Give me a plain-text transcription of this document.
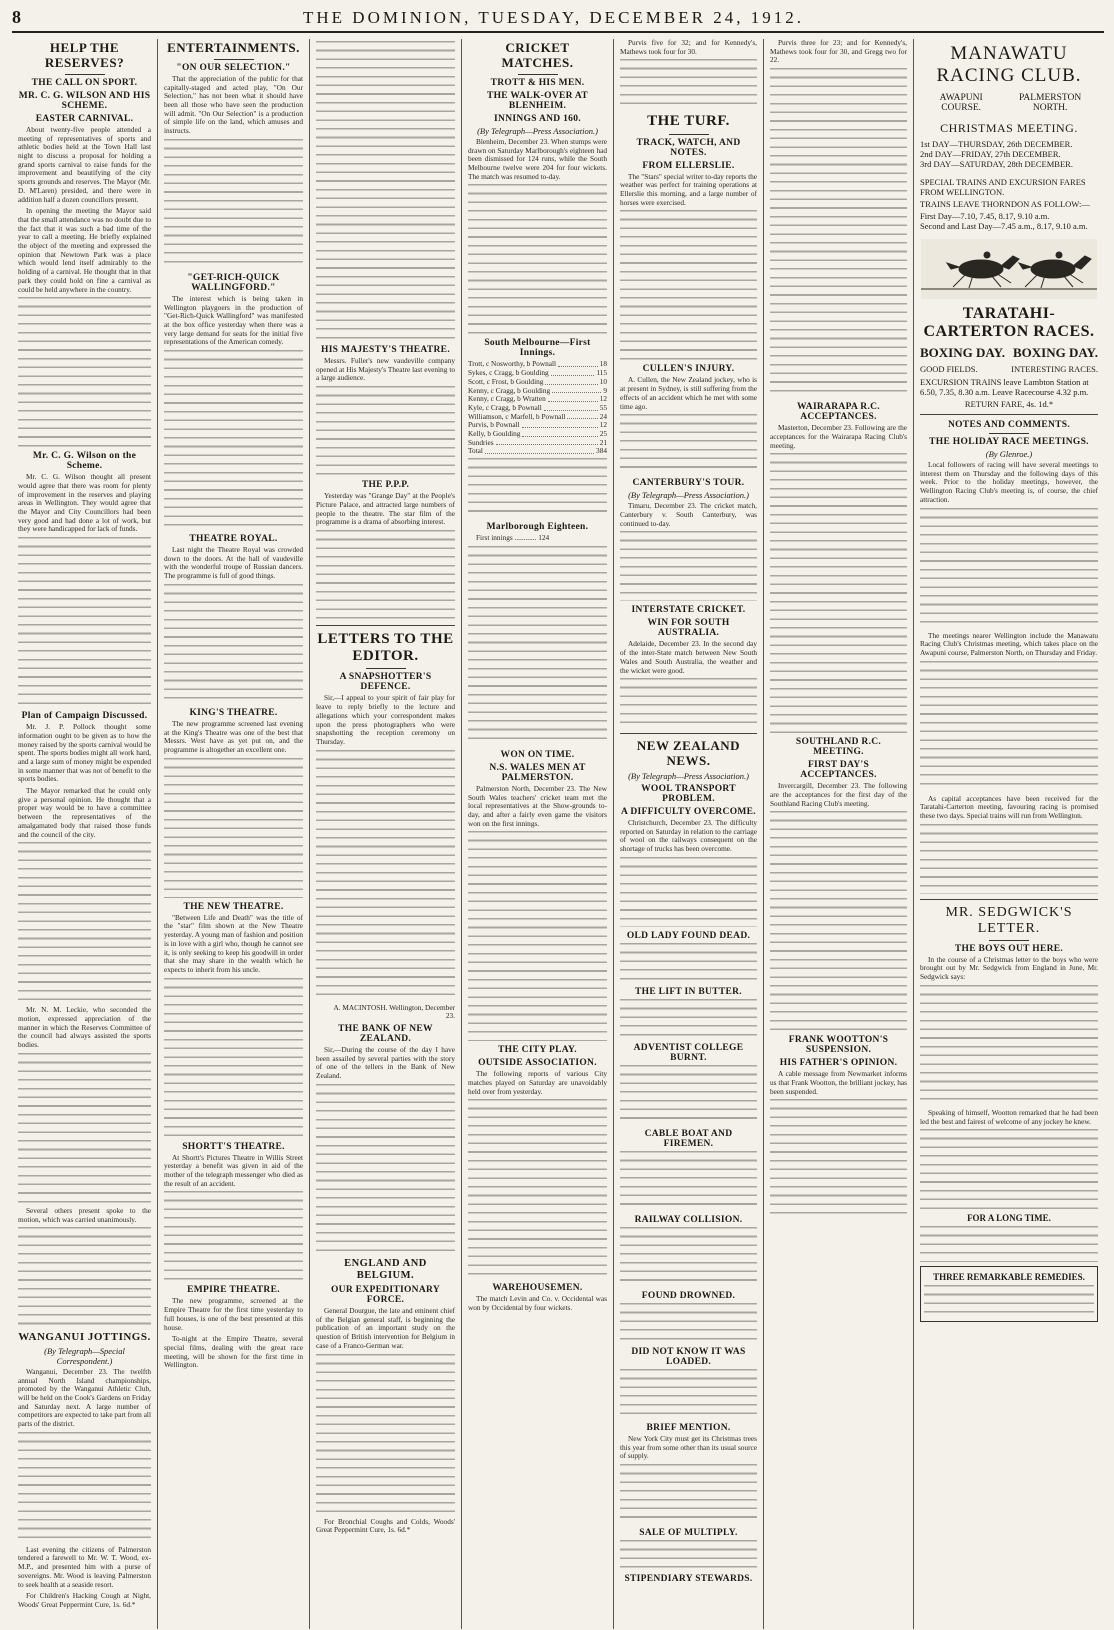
8	THE DOMINION, TUESDAY, DECEMBER 24, 1912.
HELP THE RESERVES?
THE CALL ON SPORT.
MR. C. G. WILSON AND HIS SCHEME.
EASTER CARNIVAL.

About twenty-five people attended a meeting of representatives of sports and athletic bodies held at the Town Hall last night to discuss a proposal for holding a grand sports carnival to raise funds for the improvement and beautifying of the city sports grounds and reserves. The Mayor (Mr. D. M'Laren) presided, and there were in addition half a dozen councillors present.

In opening the meeting the Mayor said that the small attendance was no doubt due to the fact that it was such a bad time of the year to call a meeting. He briefly explained the object of the meeting and expressed the opinion that Newtown Park was a place which would lend itself admirably to the holding of a carnival. He thought that in that park they could hold on fine a carnival as could be held anywhere in the country.

Mr. C. G. Wilson on the Scheme.

Mr. C. G. Wilson thought all present would agree that there was room for plenty of improvement in the reserves and playing areas in Wellington. They would agree that the Mayor and City Councillors had been very good and had done a lot of work, but they were handicapped for lack of funds.

Plan of Campaign Discussed.

Mr. J. P. Pollock thought some information ought to be given as to how the money raised by the sports carnival would be spent. The sports bodies might all work hard, and a large sum of money might be expended in some manner that was not of benefit to the sports bodies.

The Mayor remarked that he could only give a personal opinion. He thought that a proper way would be to have a committee between the representatives of the amalgamated body that raised those funds and the council of the city.

Mr. N. M. Leckie, who seconded the motion, expressed appreciation of the manner in which the Reserves Committee of the council had always assisted the sports bodies.

Several others present spoke to the motion, which was carried unanimously.

WANGANUI JOTTINGS.
(By Telegraph—Special Correspondent.)

Wanganui, December 23. The twelfth annual North Island championships, promoted by the Wanganui Athletic Club, will be held on the Cook's Gardens on Friday and Saturday next. A large number of competitors are expected to take part from all parts of the district.

Last evening the citizens of Palmerston tendered a farewell to Mr. W. T. Wood, ex-M.P., and presented him with a purse of sovereigns. Mr. Wood is leaving Palmerston to seek health at a seaside resort.

For Children's Hacking Cough at Night, Woods' Great Peppermint Cure, 1s. 6d.*

ENTERTAINMENTS.
"ON OUR SELECTION."

That the appreciation of the public for that capitally-staged and acted play, "On Our Selection," has not been what it should have been all those who have seen the production will admit. "On Our Selection" is a production of simple life on the land, which amuses and instructs.

"GET-RICH-QUICK WALLINGFORD."

The interest which is being taken in Wellington playgoers in the production of "Get-Rich-Quick Wallingford" was manifested at the box office yesterday when there was a very large demand for seats for the initial five representations of the American comedy.

THEATRE ROYAL.

Last night the Theatre Royal was crowded down to the doors. At the hall of vaudeville with the wonderful troupe of Russian dancers. The programme is full of good things.

KING'S THEATRE.

The new programme screened last evening at the King's Theatre was one of the best that Messrs. West have as yet put on, and the programme is altogether an excellent one.

THE NEW THEATRE.

"Between Life and Death" was the title of the "star" film shown at the New Theatre yesterday. A young man of fashion and position is in love with a girl who, though he cannot see it, is only seeking to keep his goodwill in order that she may share in the wealth which he expects to inherit from his uncle.

SHORTT'S THEATRE.

At Shortt's Pictures Theatre in Willis Street yesterday a benefit was given in aid of the mother of the telegraph messenger who died as the result of an accident.

EMPIRE THEATRE.

The new programme, screened at the Empire Theatre for the first time yesterday to full houses, is one of the best presented at this house.

To-night at the Empire Theatre, several special films, dealing with the great race meeting, will be shown for the first time in Wellington.

HIS MAJESTY'S THEATRE.

Messrs. Fuller's new vaudeville company opened at His Majesty's Theatre last evening to a large audience.

THE P.P.P.

Yesterday was "Grange Day" at the People's Picture Palace, and attracted large numbers of people to the theatre. The star film of the programme is a drama of absorbing interest.

LETTERS TO THE EDITOR.
A SNAPSHOTTER'S DEFENCE.

Sir,—I appeal to your spirit of fair play for leave to reply briefly to the lecture and allegations which your correspondent makes upon the press photographers who were snapshotting the reception ceremony on Thursday.

A. MACINTOSH. Wellington, December 23.

THE BANK OF NEW ZEALAND.

Sir,—During the course of the day I have been assailed by several parties with the story of one of the tellers in the Bank of New Zealand.

ENGLAND AND BELGIUM.
OUR EXPEDITIONARY FORCE.

General Dourgue, the late and eminent chief of the Belgian general staff, is beginning the publication of an important study on the question of British intervention for Belgium in case of a Franco-German war.

For Bronchial Coughs and Colds, Woods' Great Peppermint Cure, 1s. 6d.*

CRICKET MATCHES.
TROTT & HIS MEN.
THE WALK-OVER AT BLENHEIM.
INNINGS AND 160.
(By Telegraph—Press Association.)

Blenheim, December 23. When stumps were drawn on Saturday Marlborough's eighteen had been dismissed for 124 runs, while the South Melbourne twelve were 204 for four wickets. The match was resumed to-day.

South Melbourne—First Innings.
Trott, c Nosworthy, b Pownall	18
Sykes, c Cragg, b Goulding	115
Scott, c Frost, b Goulding	10
Kenny, c Cragg, b Goulding	9
Kenny, c Cragg, b Wratten	12
Kyle, c Cragg, b Pownall	55
Williamson, c Marfell, b Pownall	24
Purvis, b Pownall	12
Kelly, b Goulding	25
Sundries	21
Total	384
Marlborough Eighteen.

First innings ............ 124

WON ON TIME.
N.S. WALES MEN AT PALMERSTON.

Palmerston North, December 23. The New South Wales teachers' cricket team met the local representatives at the Show-grounds to-day, and after a fairly even game the visitors won on the first innings.

THE CITY PLAY.
OUTSIDE ASSOCIATION.

The following reports of various City matches played on Saturday are unavoidably held over from yesterday.

WAREHOUSEMEN.

The match Levin and Co. v. Occidental was won by Occidental by four wickets.

Purvis five for 32; and for Kennedy's, Mathews took four for 30.

THE TURF.
TRACK, WATCH, AND NOTES.
FROM ELLERSLIE.

The "Stars" special writer to-day reports the weather was perfect for training operations at Ellerslie this morning, and a large number of horses were exercised.

CULLEN'S INJURY.

A. Cullen, the New Zealand jockey, who is at present in Sydney, is still suffering from the effects of an accident which he met with some time ago.

CANTERBURY'S TOUR.
(By Telegraph—Press Association.)

Timaru, December 23. The cricket match, Canterbury v. South Canterbury, was continued to-day.

INTERSTATE CRICKET.
WIN FOR SOUTH AUSTRALIA.

Adelaide, December 23. In the second day of the inter-State match between New South Wales and South Australia, the weather and the wicket were good.

NEW ZEALAND NEWS.
(By Telegraph—Press Association.)
WOOL TRANSPORT PROBLEM.
A DIFFICULTY OVERCOME.

Christchurch, December 23. The difficulty reported on Saturday in relation to the carriage of wool on the railways consequent on the shortage of trucks has been overcome.

OLD LADY FOUND DEAD.
THE LIFT IN BUTTER.
ADVENTIST COLLEGE BURNT.
CABLE BOAT AND FIREMEN.
RAILWAY COLLISION.
FOUND DROWNED.
DID NOT KNOW IT WAS LOADED.
BRIEF MENTION.

New York City must get its Christmas trees this year from some other than its usual source of supply.

SALE OF MULTIPLY.
STIPENDIARY STEWARDS.

Purvis three for 23; and for Kennedy's, Mathews took four for 30, and Gregg two for 22.

WAIRARAPA R.C. ACCEPTANCES.

Masterton, December 23. Following are the acceptances for the Wairarapa Racing Club's meeting.

SOUTHLAND R.C. MEETING.
FIRST DAY'S ACCEPTANCES.

Invercargill, December 23. The following are the acceptances for the first day of the Southland Racing Club's meeting.

FRANK WOOTTON'S SUSPENSION.
HIS FATHER'S OPINION.

A cable message from Newmarket informs us that Frank Wootton, the brilliant jockey, has been suspended.

MANAWATU RACING CLUB.
AWAPUNI COURSE.
PALMERSTON NORTH.
CHRISTMAS MEETING.
1st DAY—THURSDAY, 26th DECEMBER.
2nd DAY—FRIDAY, 27th DECEMBER.
3rd DAY—SATURDAY, 28th DECEMBER.
SPECIAL TRAINS AND EXCURSION FARES FROM WELLINGTON.
TRAINS LEAVE THORNDON AS FOLLOW:—
First Day—7.10, 7.45, 8.17, 9.10 a.m.
Second and Last Day—7.45 a.m., 8.17, 9.10 a.m.
TARATAHI-CARTERTON RACES.
BOXING DAY. BOXING DAY.
GOOD FIELDS.	INTERESTING RACES.
EXCURSION TRAINS leave Lambton Station at 6.50, 7.35, 8.30 a.m. Leave Racecourse 4.32 p.m.
RETURN FARE, 4s. 1d.*
NOTES AND COMMENTS.
THE HOLIDAY RACE MEETINGS.
(By Glenroe.)

Local followers of racing will have several meetings to interest them on Thursday and the following days of this week. Prior to the holiday meetings, however, the Wellington Racing Club's meeting is, of course, the chief attraction.

The meetings nearer Wellington include the Manawatu Racing Club's Christmas meeting, which takes place on the Awapuni course, Palmerston North, on Thursday and Friday.

As capital acceptances have been received for the Taratahi-Carterton meeting, favouring racing is promised these two days. Special trains will run from Wellington.

MR. SEDGWICK'S LETTER.
THE BOYS OUT HERE.

In the course of a Christmas letter to the boys who were brought out by Mr. Sedgwick from England in June, Mr. Sedgwick says:

Speaking of himself, Wootton remarked that he had been led the best and fairest of welcome of any jockey he knew.

FOR A LONG TIME.
THREE REMARKABLE REMEDIES.
